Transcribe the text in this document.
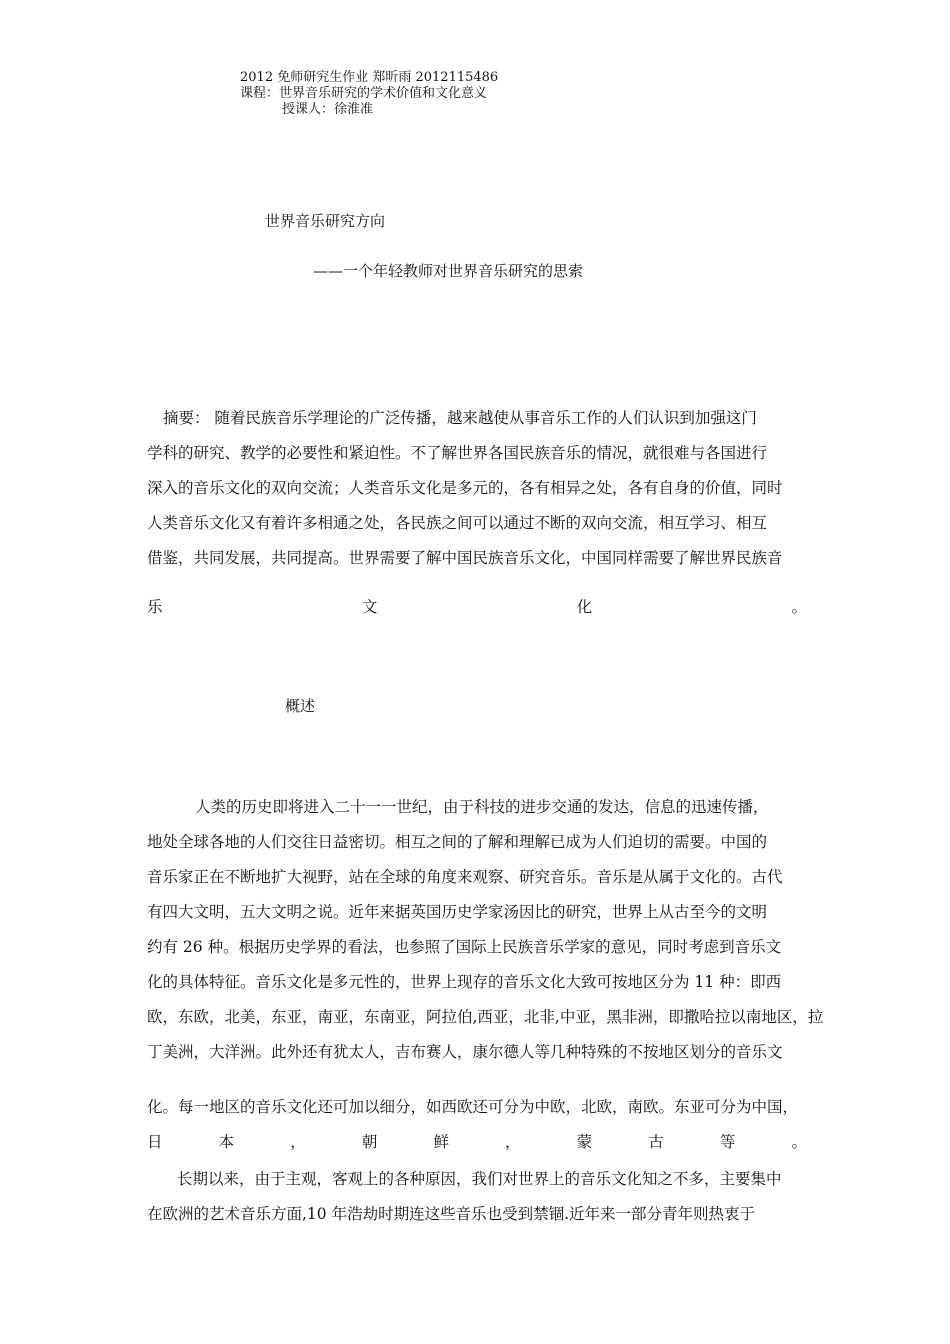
2012 免师研究生作业 郑昕雨 2012115486
课程：世界音乐研究的学术价值和文化意义
授课人：徐淮准
世界音乐研究方向
——一个年轻教师对世界音乐研究的思索
摘要： 随着民族音乐学理论的广泛传播，越来越使从事音乐工作的人们认识到加强这门
学科的研究、教学的必要性和紧迫性。不了解世界各国民族音乐的情况，就很难与各国进行
深入的音乐文化的双向交流；人类音乐文化是多元的，各有相异之处，各有自身的价值，同时
人类音乐文化又有着许多相通之处，各民族之间可以通过不断的双向交流，相互学习、相互
借鉴，共同发展，共同提高。世界需要了解中国民族音乐文化，中国同样需要了解世界民族音
乐	文	化	。
概述
人类的历史即将进入二十一一世纪，由于科技的进步交通的发达，信息的迅速传播，
地处全球各地的人们交往日益密切。相互之间的了解和理解已成为人们迫切的需要。中国的
音乐家正在不断地扩大视野，站在全球的角度来观察、研究音乐。音乐是从属于文化的。古代
有四大文明，五大文明之说。近年来据英国历史学家汤因比的研究，世界上从古至今的文明
约有 26 种。根据历史学界的看法，也参照了国际上民族音乐学家的意见，同时考虑到音乐文
化的具体特征。音乐文化是多元性的，世界上现存的音乐文化大致可按地区分为 11 种：即西
欧，东欧，北美，东亚，南亚，东南亚，阿拉伯,西亚，北非,中亚，黑非洲，即撒哈拉以南地区，拉
丁美洲，大洋洲。此外还有犹太人，吉布赛人，康尔德人等几种特殊的不按地区划分的音乐文
化。每一地区的音乐文化还可加以细分，如西欧还可分为中欧，北欧，南欧。东亚可分为中国，
日	本	，	朝	鲜	，	蒙	古	等	。
长期以来，由于主观，客观上的各种原因，我们对世界上的音乐文化知之不多，主要集中
在欧洲的艺术音乐方面,10 年浩劫时期连这些音乐也受到禁锢.近年来一部分青年则热衷于
